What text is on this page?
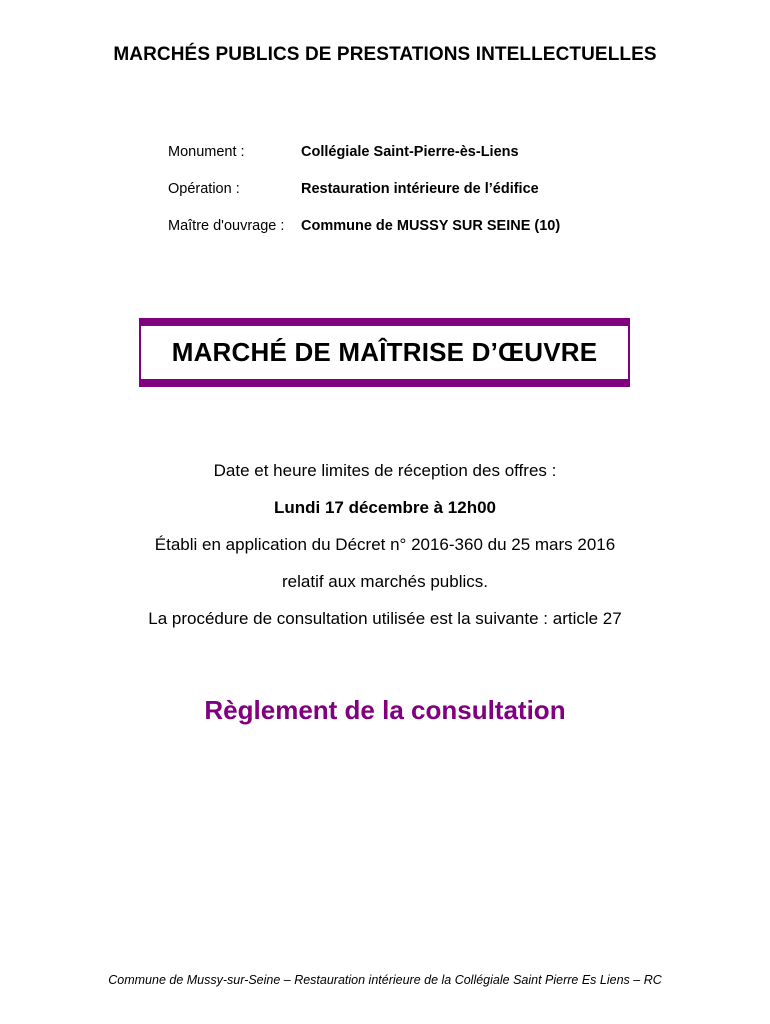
MARCHÉS PUBLICS DE PRESTATIONS INTELLECTUELLES
Monument :	Collégiale Saint-Pierre-ès-Liens
Opération :	Restauration intérieure de l’édifice
Maître d'ouvrage :	Commune de MUSSY SUR SEINE (10)
MARCHÉ DE MAÎTRISE D’ŒUVRE
Date et heure limites de réception des offres :
Lundi 17 décembre à 12h00
Établi en application du Décret n° 2016-360 du 25 mars 2016
relatif aux marchés publics.
La procédure de consultation utilisée est la suivante : article 27
Règlement de la consultation
Commune de Mussy-sur-Seine – Restauration intérieure de la Collégiale Saint Pierre Es Liens – RC
